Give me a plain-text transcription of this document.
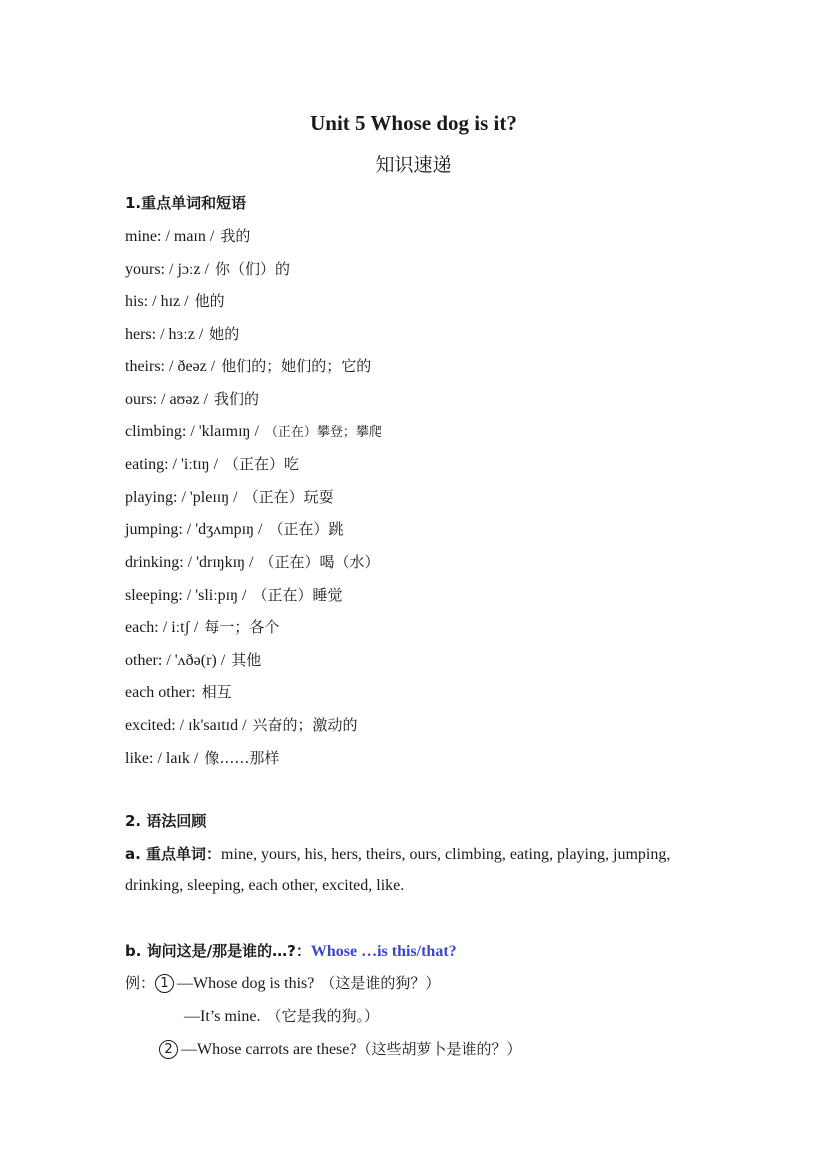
Unit 5 Whose dog is it?
知识速递
1.重点单词和短语
mine: / maɪn / 我的
yours: / jɔːz / 你（们）的
his: / hɪz / 他的
hers: / hɜːz / 她的
theirs: / ðeəz / 他们的；她们的；它的
ours: / aʊəz / 我们的
climbing: / 'klaɪmɪŋ / （正在）攀登；攀爬
eating: / 'iːtɪŋ / （正在）吃
playing: / 'pleɪɪŋ / （正在）玩耍
jumping: / 'dʒʌmpɪŋ / （正在）跳
drinking: / 'drɪŋkɪŋ / （正在）喝（水）
sleeping: / 'sliːpɪŋ / （正在）睡觉
each: / iːtʃ / 每一；各个
other: / 'ʌðə(r) / 其他
each other: 相互
excited: / ɪk'saɪtɪd / 兴奋的；激动的
like: / laɪk / 像……那样
2. 语法回顾
a. 重点单词：mine, yours, his, hers, theirs, ours, climbing, eating, playing, jumping,
drinking, sleeping, each other, excited, like.
b. 询问这是/那是谁的…?：Whose …is this/that?
例： 1 —Whose dog is this? （这是谁的狗？）
—It’s mine. （它是我的狗。）
2 —Whose carrots are these?（这些胡萝卜是谁的？）
